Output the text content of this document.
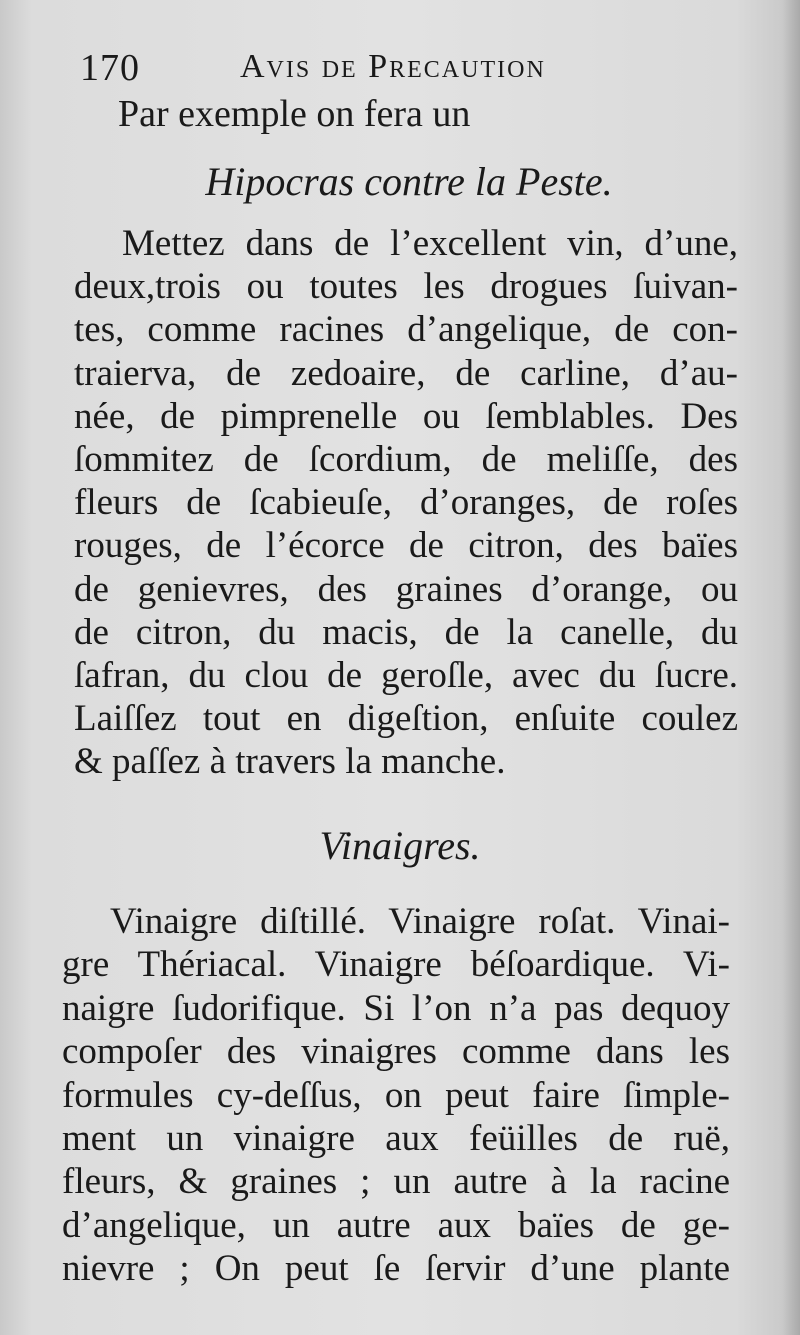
170	Avis de Precaution
Par exemple on fera un
Hipocras contre la Peste.
Mettez dans de l’excellent vin, d’une,
deux,trois ou toutes les drogues ſuivan-
tes, comme racines d’angelique, de con-
traierva, de zedoaire, de carline, d’au-
née, de pimprenelle ou ſemblables. Des
ſommitez de ſcordium, de meliſſe, des
fleurs de ſcabieuſe, d’oranges, de roſes
rouges, de l’écorce de citron, des baïes
de genievres, des graines d’orange, ou
de citron, du macis, de la canelle, du
ſafran, du clou de geroſle, avec du ſucre.
Laiſſez tout en digeſtion, enſuite coulez
& paſſez à travers la manche.
Vinaigres.
Vinaigre diſtillé. Vinaigre roſat. Vinai-
gre Thériacal. Vinaigre béſoardique. Vi-
naigre ſudorifique. Si l’on n’a pas dequoy
compoſer des vinaigres comme dans les
formules cy-deſſus, on peut faire ſimple-
ment un vinaigre aux feüilles de ruë,
fleurs, & graines ; un autre à la racine
d’angelique, un autre aux baïes de ge-
nievre ; On peut ſe ſervir d’une plante
